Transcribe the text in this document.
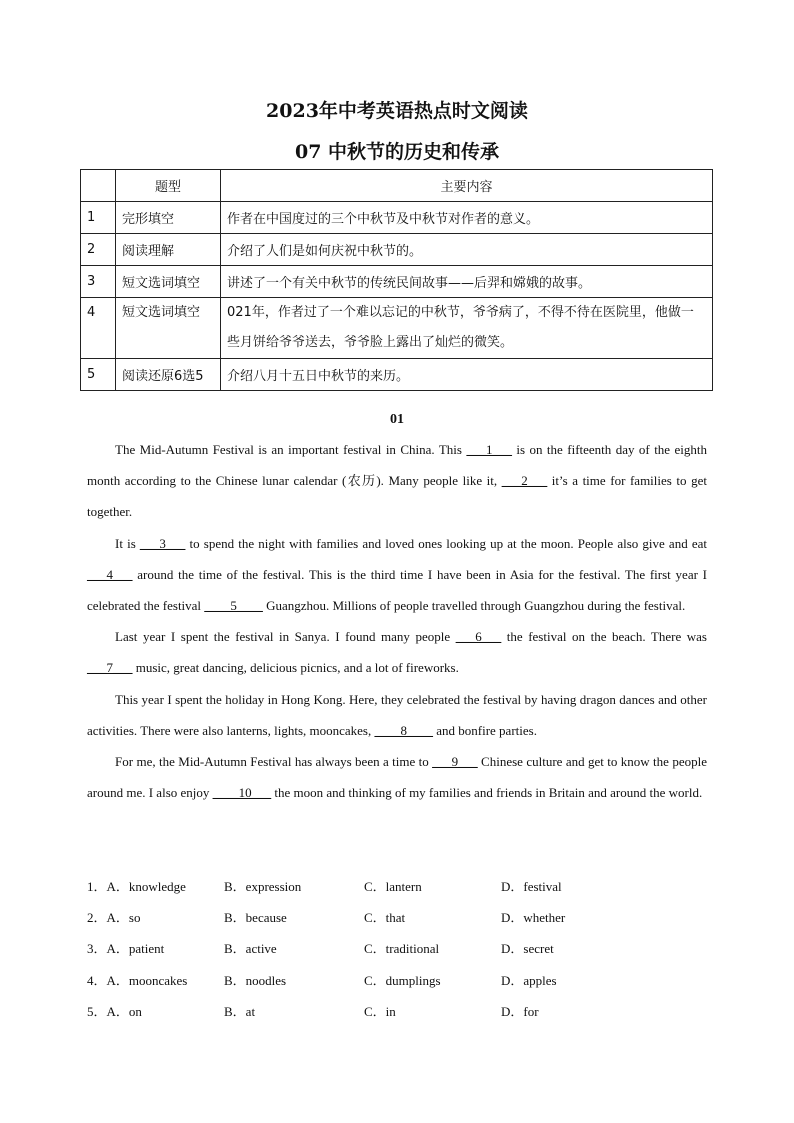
2023年中考英语热点时文阅读
07 中秋节的历史和传承
	题型	主要内容
1	完形填空	作者在中国度过的三个中秋节及中秋节对作者的意义。
2	阅读理解	介绍了人们是如何庆祝中秋节的。
3	短文选词填空	讲述了一个有关中秋节的传统民间故事——后羿和嫦娥的故事。
4	短文选词填空	021年，作者过了一个难以忘记的中秋节，爷爷病了，不得不待在医院里，他做一些月饼给爷爷送去，爷爷脸上露出了灿烂的微笑。
5	阅读还原6选5	介绍八月十五日中秋节的来历。
01

The Mid-Autumn Festival is an important festival in China. This ___1___ is on the fifteenth day of the eighth month according to the Chinese lunar calendar (农历). Many people like it, ___2___ it’s a time for families to get together.

It is ___3___ to spend the night with families and loved ones looking up at the moon. People also give and eat ___4___ around the time of the festival. This is the third time I have been in Asia for the festival. The first year I celebrated the festival ____5____ Guangzhou. Millions of people travelled through Guangzhou during the festival.

Last year I spent the festival in Sanya. I found many people ___6___ the festival on the beach. There was ___7___ music, great dancing, delicious picnics, and a lot of fireworks.

This year I spent the holiday in Hong Kong. Here, they celebrated the festival by having dragon dances and other activities. There were also lanterns, lights, mooncakes, ____8____ and bonfire parties.

For me, the Mid-Autumn Festival has always been a time to ___9___ Chinese culture and get to know the people around me. I also enjoy ____10___ the moon and thinking of my families and friends in Britain and around the world.

1．A．knowledge	B．expression	C．lantern	D．festival
2．A．so	B．because	C．that	D．whether
3．A．patient	B．active	C．traditional	D．secret
4．A．mooncakes	B．noodles	C．dumplings	D．apples
5．A．on	B．at	C．in	D．for
